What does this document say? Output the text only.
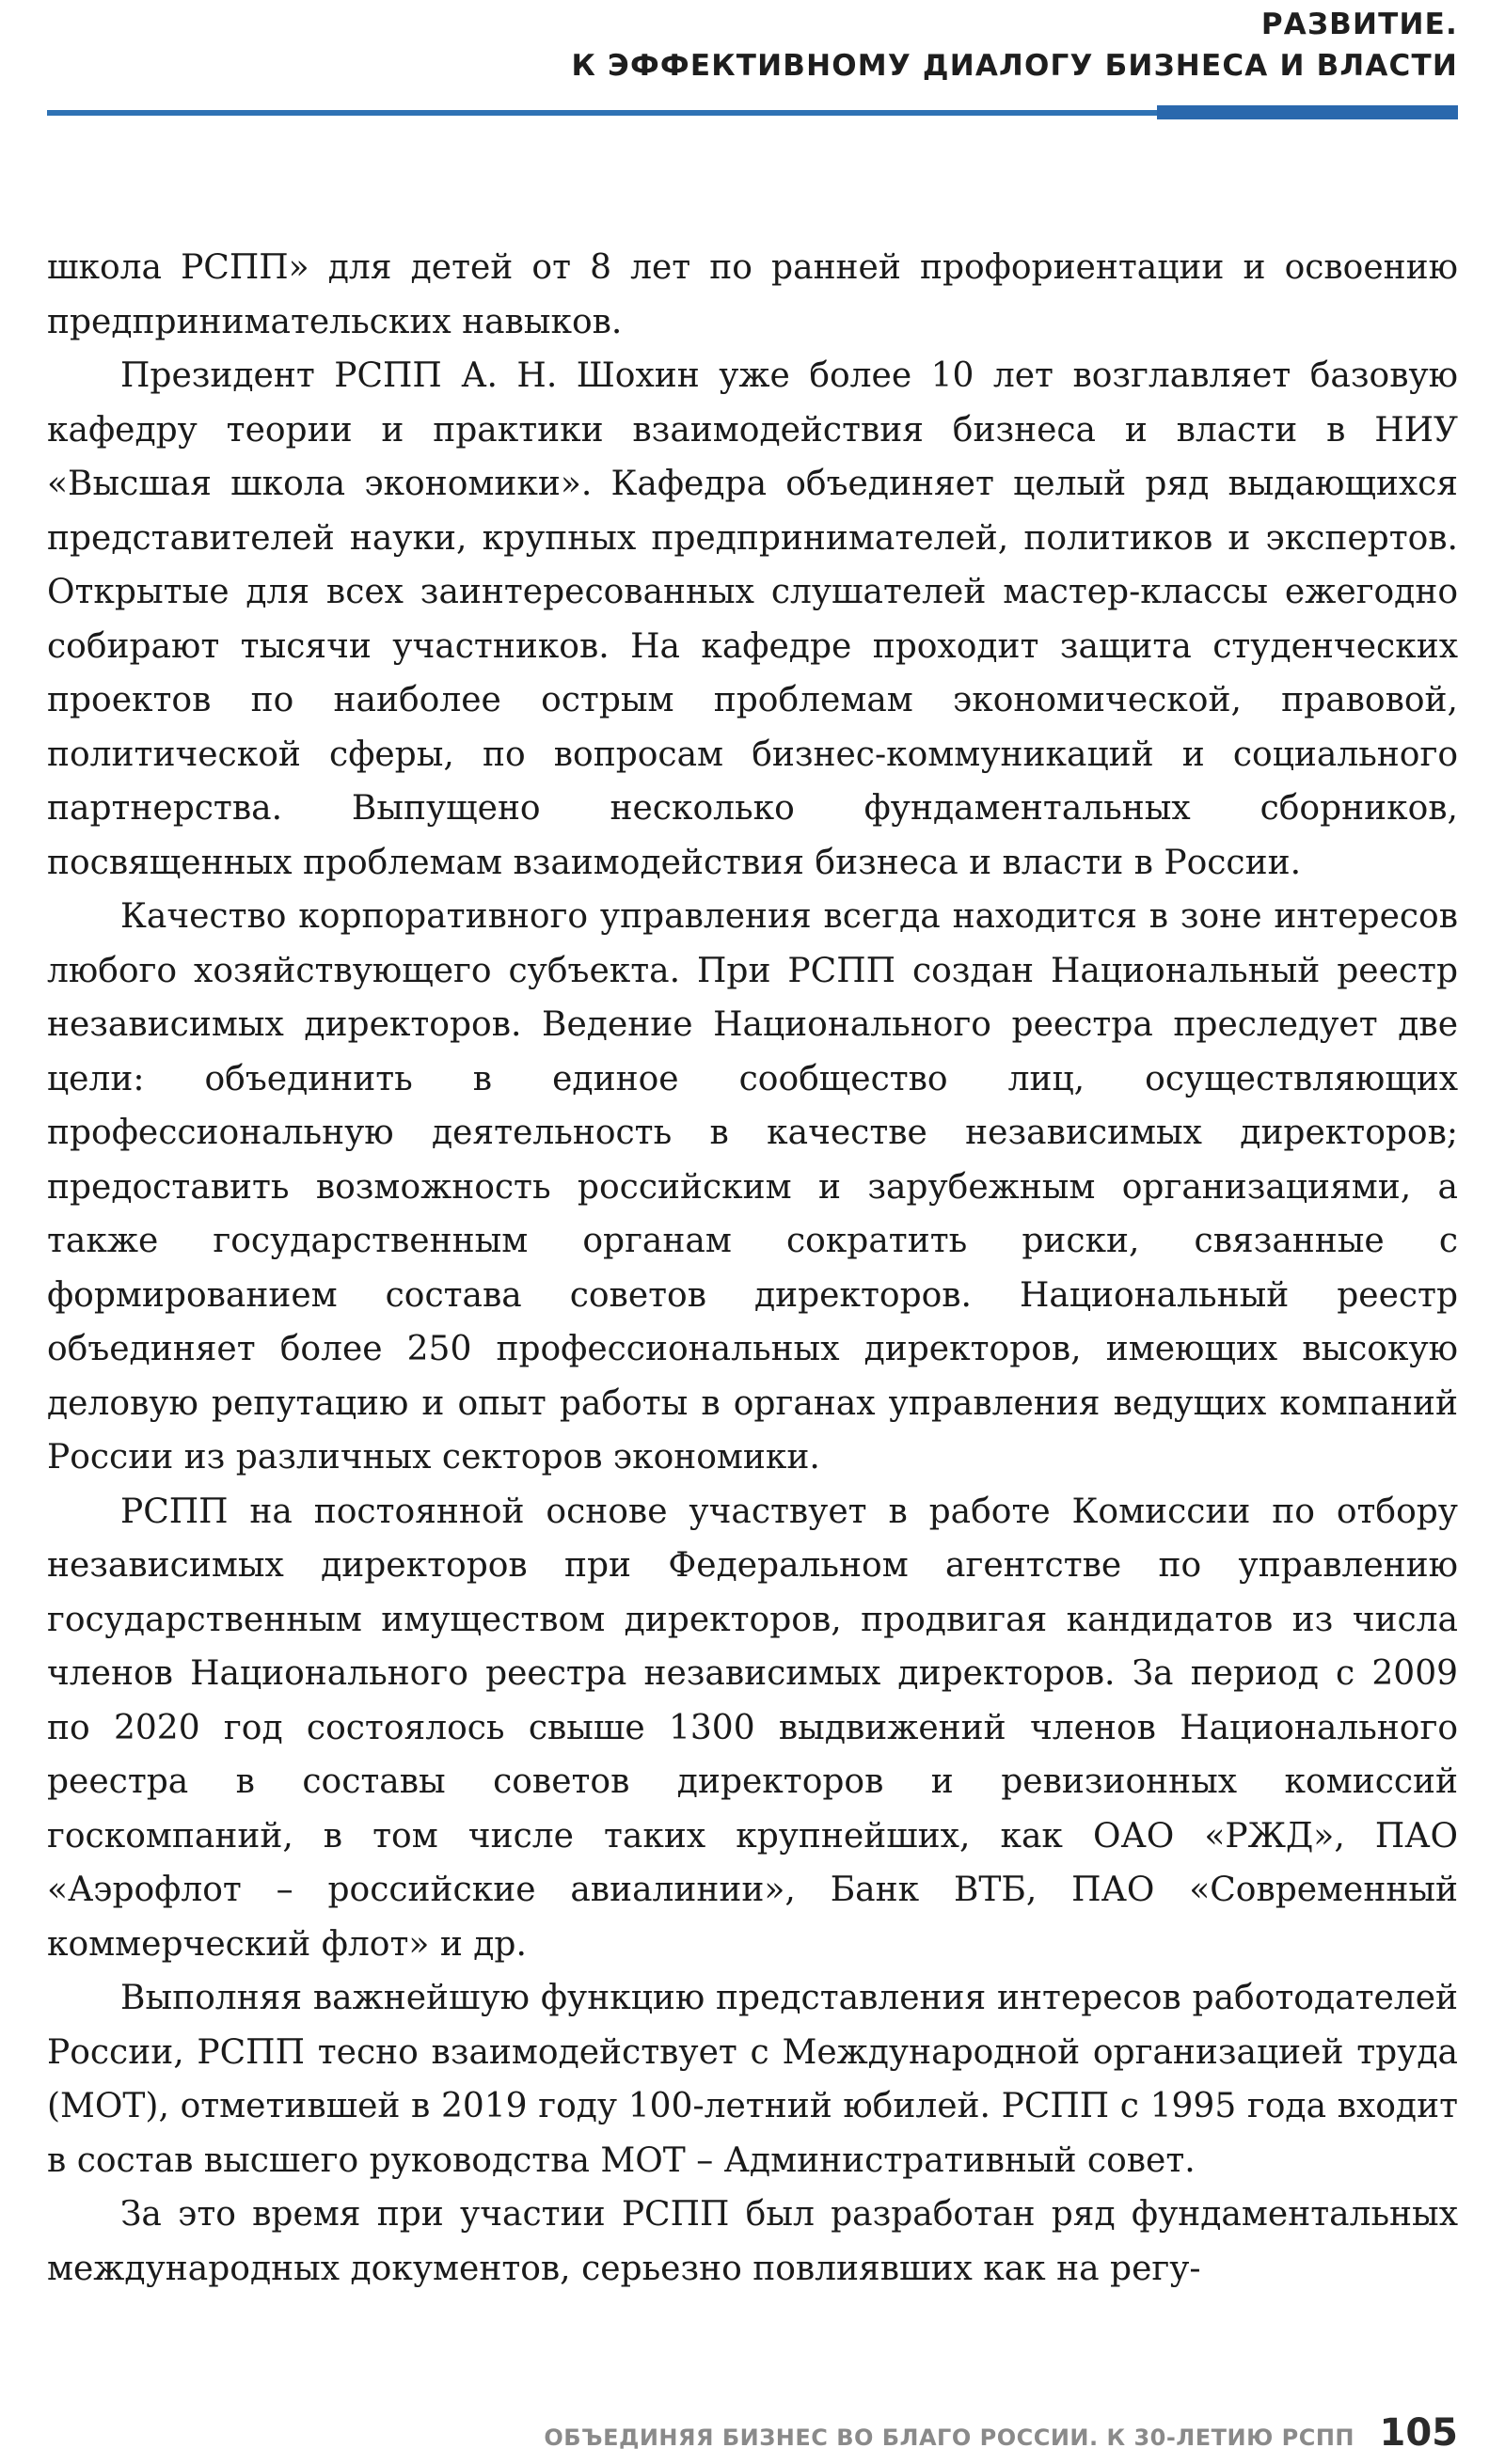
РАЗВИТИЕ.
К ЭФФЕКТИВНОМУ ДИАЛОГУ БИЗНЕСА И ВЛАСТИ

школа РСПП» для детей от 8 лет по ранней профориентации и освоению предпринимательских навыков.

Президент РСПП А. Н. Шохин уже более 10 лет возглавляет базовую кафедру теории и практики взаимодействия бизнеса и власти в НИУ «Высшая школа экономики». Кафедра объединяет целый ряд выдающихся представителей науки, крупных предпринимателей, политиков и экспертов. Открытые для всех заинтересованных слушателей мастер-классы ежегодно собирают тысячи участников. На кафедре проходит защита студенческих проектов по наиболее острым проблемам экономической, правовой, политической сферы, по вопросам бизнес-коммуникаций и социального партнерства. Выпущено несколько фундаментальных сборников, посвященных проблемам взаимодействия бизнеса и власти в России.

Качество корпоративного управления всегда находится в зоне интересов любого хозяйствующего субъекта. При РСПП создан Национальный реестр независимых директоров. Ведение Национального реестра преследует две цели: объединить в единое сообщество лиц, осуществляющих профессиональную деятельность в качестве независимых директоров; предоставить возможность российским и зарубежным организациями, а также государственным органам сократить риски, связанные с формированием состава советов директоров. Национальный реестр объединяет более 250 профессиональных директоров, имеющих высокую деловую репутацию и опыт работы в органах управления ведущих компаний России из различных секторов экономики.

РСПП на постоянной основе участвует в работе Комиссии по отбору независимых директоров при Федеральном агентстве по управлению государственным имуществом директоров, продвигая кандидатов из числа членов Национального реестра независимых директоров. За период с 2009 по 2020 год состоялось свыше 1300 выдвижений членов Национального реестра в составы советов директоров и ревизионных комиссий госкомпаний, в том числе таких крупнейших, как ОАО «РЖД», ПАО «Аэрофлот – российские авиалинии», Банк ВТБ, ПАО «Современный коммерческий флот» и др.

Выполняя важнейшую функцию представления интересов работодателей России, РСПП тесно взаимодействует с Международной организацией труда (МОТ), отметившей в 2019 году 100-летний юбилей. РСПП с 1995 года входит в состав высшего руководства МОТ – Административный совет.

За это время при участии РСПП был разработан ряд фундаментальных международных документов, серьезно повлиявших как на регу-

ОБЪЕДИНЯЯ БИЗНЕС ВО БЛАГО РОССИИ. К 30-ЛЕТИЮ РСПП 105
